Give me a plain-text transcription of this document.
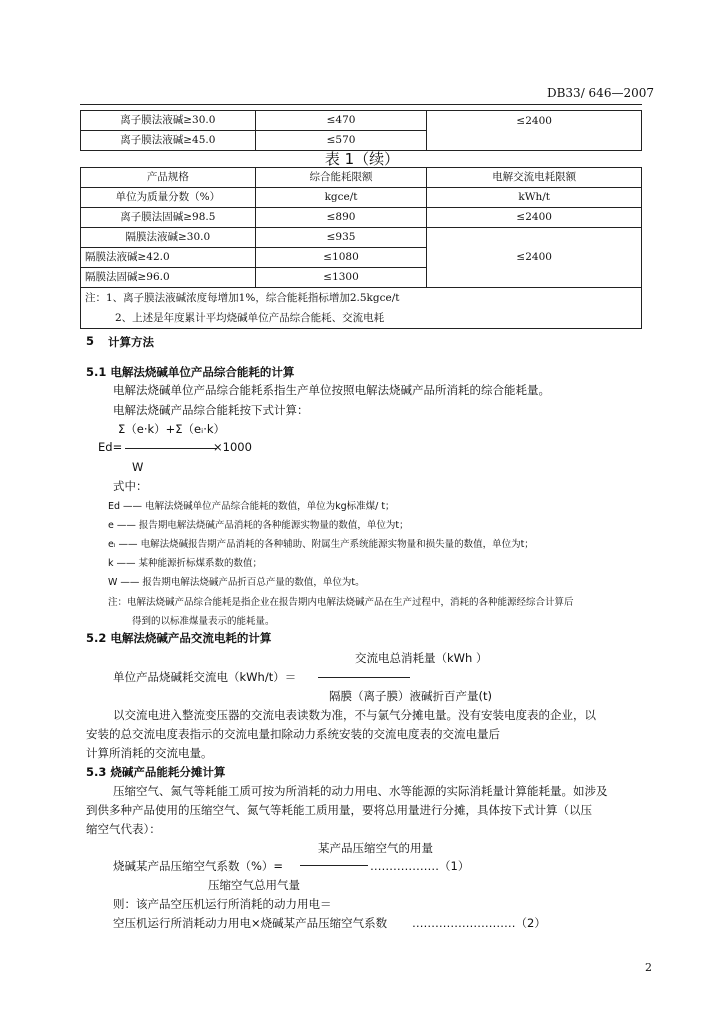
DB33/ 646—2007
离子膜法液碱≥30.0	≤470	≤2400
离子膜法液碱≥45.0	≤570	
表 1（续）
产品规格	综合能耗限额	电解交流电耗限额
单位为质量分数（%）	kgce/t	kWh/t
离子膜法固碱≥98.5	≤890	≤2400
隔膜法液碱≥30.0	≤935	≤2400
隔膜法液碱≥42.0	≤1080	
隔膜法固碱≥96.0	≤1300	

注：1、离子膜法液碱浓度每增加1%，综合能耗指标增加2.5kgce/t
2、上述是年度累计平均烧碱单位产品综合能耗、交流电耗		
5 计算方法
5.1 电解法烧碱单位产品综合能耗的计算
电解法烧碱单位产品综合能耗系指生产单位按照电解法烧碱产品所消耗的综合能耗量。
电解法烧碱产品综合能耗按下式计算：
Σ（e·k）+Σ（eᵢ·k）
Ed=	×1000
W
式中：
Ed —— 电解法烧碱单位产品综合能耗的数值，单位为kg标准煤/ t；
e —— 报告期电解法烧碱产品消耗的各种能源实物量的数值，单位为t；
eᵢ —— 电解法烧碱报告期产品消耗的各种辅助、附属生产系统能源实物量和损失量的数值，单位为t；
k —— 某种能源折标煤系数的数值；
W —— 报告期电解法烧碱产品折百总产量的数值，单位为t。
注：电解法烧碱产品综合能耗是指企业在报告期内电解法烧碱产品在生产过程中，消耗的各种能源经综合计算后
得到的以标准煤量表示的能耗量。
5.2 电解法烧碱产品交流电耗的计算
交流电总消耗量（kWh ）
单位产品烧碱耗交流电（kWh/t）＝
隔膜（离子膜）液碱折百产量(t)
以交流电进入整流变压器的交流电表读数为准，不与氯气分摊电量。没有安装电度表的企业，以
安装的总交流电度表指示的交流电量扣除动力系统安装的交流电度表的交流电量后
计算所消耗的交流电量。
5.3 烧碱产品能耗分摊计算
压缩空气、氮气等耗能工质可按为所消耗的动力用电、水等能源的实际消耗量计算能耗量。如涉及
到供多种产品使用的压缩空气、氮气等耗能工质用量，要将总用量进行分摊，具体按下式计算（以压
缩空气代表）：
某产品压缩空气的用量
烧碱某产品压缩空气系数（%）=	………………（1）
压缩空气总用气量
则：该产品空压机运行所消耗的动力用电＝
空压机运行所消耗动力用电×烧碱某产品压缩空气系数 ………………………（2）
2
